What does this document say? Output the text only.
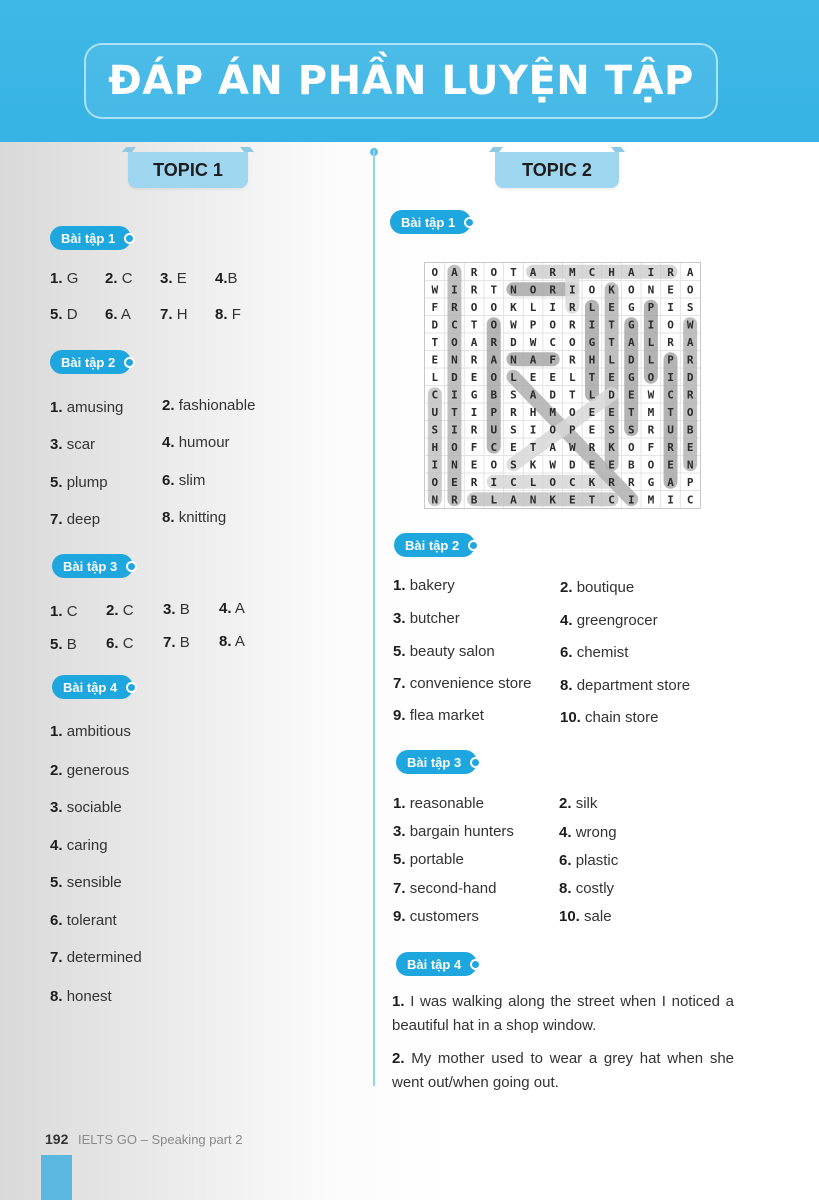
ĐÁP ÁN PHẦN LUYỆN TẬP
TOPIC 1
Bài tập 1
1. G 2. C 3. E 4.B
5. D 6. A 7. H 8. F
Bài tập 2
1. amusing	2. fashionable
3. scar	4. humour
5. plump	6. slim
7. deep	8. knitting
Bài tập 3
1. C 2. C 3. B 4. A
5. B 6. C 7. B 8. A
Bài tập 4
1. ambitious
2. generous
3. sociable
4. caring
5. sensible
6. tolerant
7. determined
8. honest
TOPIC 2
Bài tập 1
O A R O T A R M C H A I R A
W I R T N O R I O K O N E O
F R O O K L I R L E G P I S
D C T O W P O R I T G I O W
T O A R D W C O G T A L R A
E N R A N A F R H L D L P R
L D E O L E E L T E G O I D
C I G B S A D T L D E W C R
U T I P R H M O E E T M T O
S I R U S I O P E S S R U B
H O F C E T A W R K O F R E
I N E O S K W D E E B O E N
O E R I C L O C K R R G A P
N R B L A N K E T C I M I C
Bài tập 2
1. bakery	2. boutique
3. butcher	4. greengrocer
5. beauty salon	6. chemist
7. convenience store 8. department store
9. flea market	10. chain store
Bài tập 3
1. reasonable	2. silk
3. bargain hunters	4. wrong
5. portable	6. plastic
7. second-hand	8. costly
9. customers	10. sale
Bài tập 4
1. I was walking along the street when I noticed a beautiful hat in a shop window.
2. My mother used to wear a grey hat when she went out/when going out.
192 IELTS GO – Speaking part 2
